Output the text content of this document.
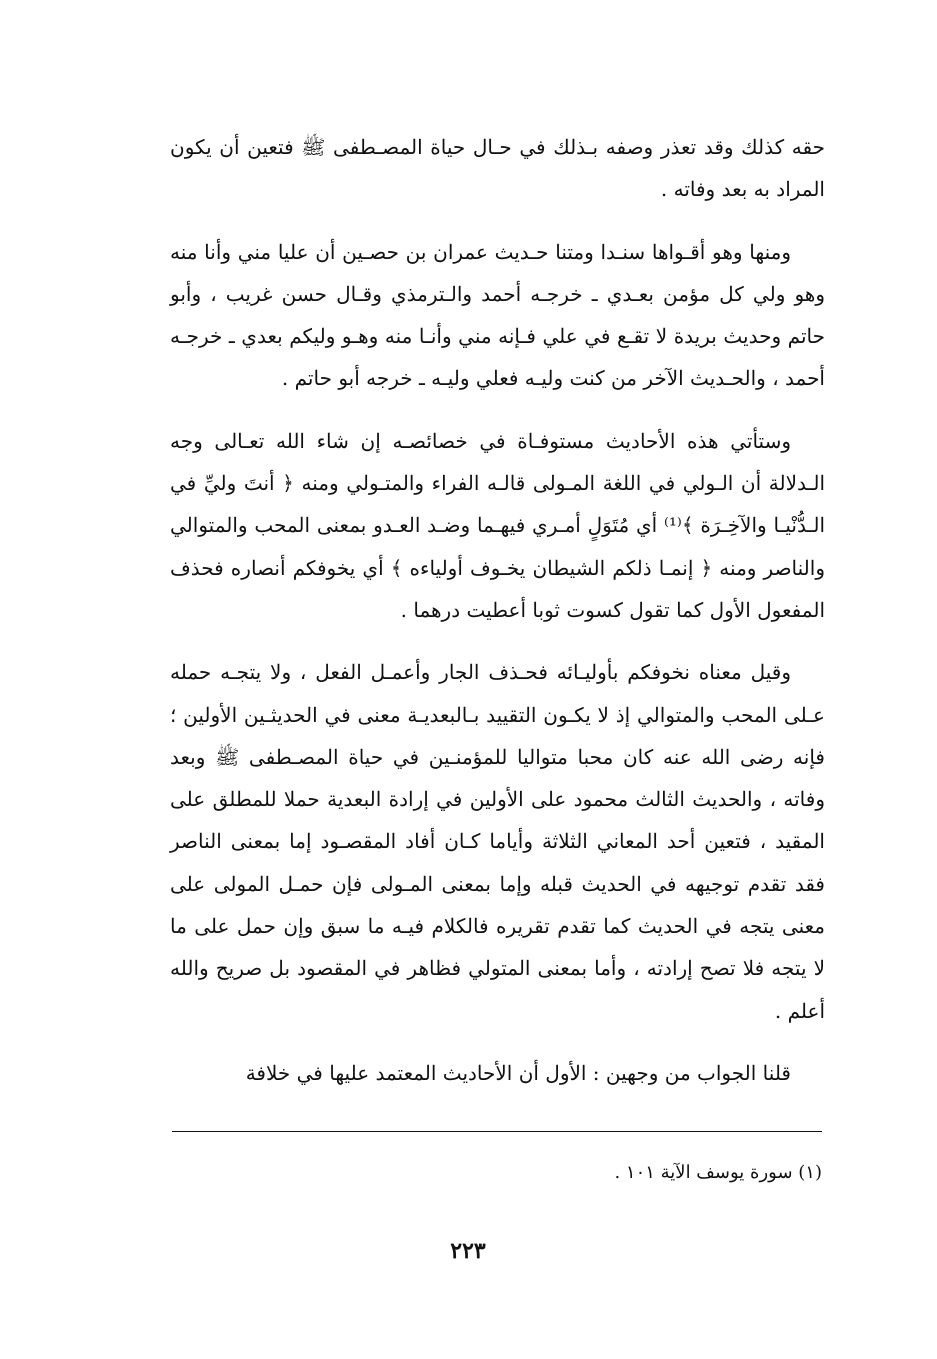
حقه كذلك وقد تعذر وصفه بـذلك في حـال حياة المصـطفى ﷺ فتعين أن يكون المراد به بعد وفاته .

ومنها وهو أقـواها سنـدا ومتنا حـديث عمران بن حصـين أن عليا مني وأنا منه وهو ولي كل مؤمن بعـدي ـ خرجـه أحمد والـترمذي وقـال حسن غريب ، وأبو حاتم وحديث بريدة لا تقـع في علي فـإنه مني وأنـا منه وهـو وليكم بعدي ـ خرجـه أحمد ، والحـديث الآخر من كنت وليـه فعلي وليـه ـ خرجه أبو حاتم .

وستأتي هذه الأحاديث مستوفـاة في خصائصـه إن شاء الله تعـالى وجه الـدلالة أن الـولي في اللغة المـولى قالـه الفراء والمتـولي ومنه ﴿ أنتَ وليِّ في الـدُّنْيـا والآخِـرَة ﴾⁽¹⁾ أي مُتَوَلٍ أمـري فيهـما وضـد العـدو بمعنى المحب والمتوالي والناصر ومنه ﴿ إنمـا ذلكم الشيطان يخـوف أولياءه ﴾ أي يخوفكم أنصاره فحذف المفعول الأول كما تقول كسوت ثوبا أعطيت درهما .

وقيل معناه نخوفكم بأوليـائه فحـذف الجار وأعمـل الفعل ، ولا يتجـه حمله عـلى المحب والمتوالي إذ لا يكـون التقييد بـالبعديـة معنى في الحديثـين الأولين ؛ فإنه رضى الله عنه كان محبا متواليا للمؤمنـين في حياة المصـطفى ﷺ وبعد وفاته ، والحديث الثالث محمود على الأولين في إرادة البعدية حملا للمطلق على المقيد ، فتعين أحد المعاني الثلاثة وأياما كـان أفاد المقصـود إما بمعنى الناصر فقد تقدم توجيهه في الحديث قبله وإما بمعنى المـولى فإن حمـل المولى على معنى يتجه في الحديث كما تقدم تقريره فالكلام فيـه ما سبق وإن حمل على ما لا يتجه فلا تصح إرادته ، وأما بمعنى المتولي فظاهر في المقصود بل صريح والله أعلم .

قلنا الجواب من وجهين : الأول أن الأحاديث المعتمد عليها في خلافة

(١) سورة يوسف الآية ١٠١ .
٢٢٣
